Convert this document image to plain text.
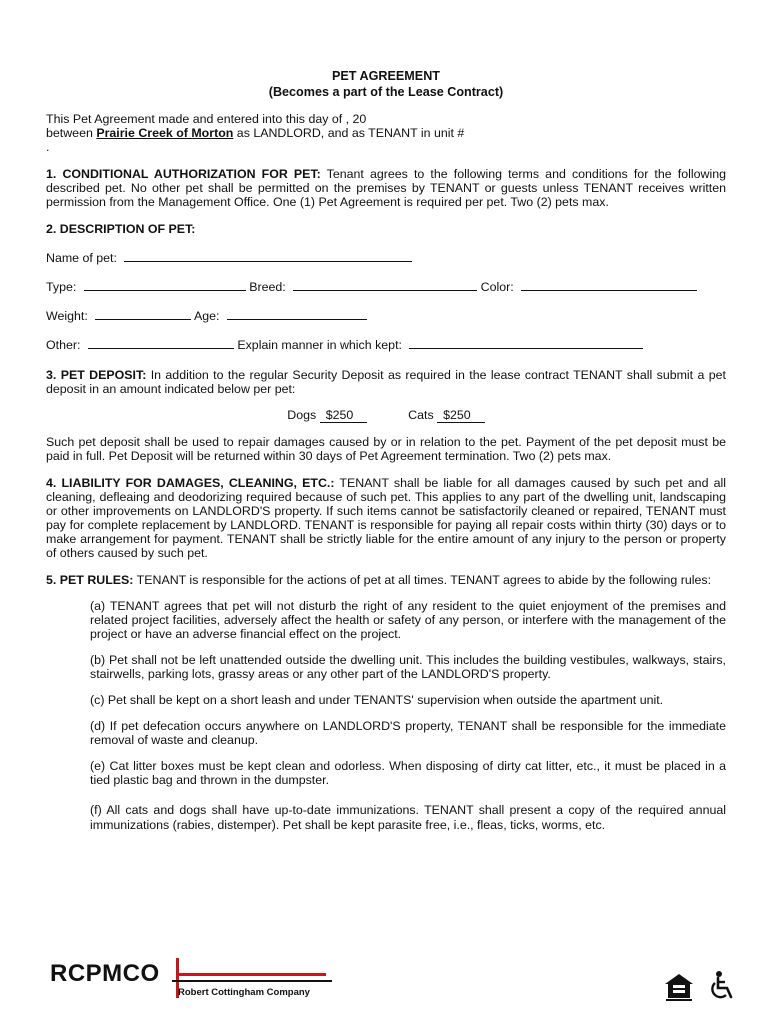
PET AGREEMENT
(Becomes a part of the Lease Contract)

This Pet Agreement made and entered into this day of , 20
between Prairie Creek of Morton as LANDLORD, and as TENANT in unit #
.

1. CONDITIONAL AUTHORIZATION FOR PET: Tenant agrees to the following terms and conditions for the following described pet. No other pet shall be permitted on the premises by TENANT or guests unless TENANT receives written permission from the Management Office. One (1) Pet Agreement is required per pet. Two (2) pets max.

2. DESCRIPTION OF PET:

Name of pet:
Type:	Breed:	Color:
Weight:	Age:
Other:	Explain manner in which kept:

3. PET DEPOSIT: In addition to the regular Security Deposit as required in the lease contract TENANT shall submit a pet deposit in an amount indicated below per pet:

Dogs $250	Cats $250

Such pet deposit shall be used to repair damages caused by or in relation to the pet. Payment of the pet deposit must be paid in full. Pet Deposit will be returned within 30 days of Pet Agreement termination. Two (2) pets max.

4. LIABILITY FOR DAMAGES, CLEANING, ETC.: TENANT shall be liable for all damages caused by such pet and all cleaning, defleaing and deodorizing required because of such pet. This applies to any part of the dwelling unit, landscaping or other improvements on LANDLORD'S property. If such items cannot be satisfactorily cleaned or repaired, TENANT must pay for complete replacement by LANDLORD. TENANT is responsible for paying all repair costs within thirty (30) days or to make arrangement for payment. TENANT shall be strictly liable for the entire amount of any injury to the person or property of others caused by such pet.

5. PET RULES: TENANT is responsible for the actions of pet at all times. TENANT agrees to abide by the following rules:

(a) TENANT agrees that pet will not disturb the right of any resident to the quiet enjoyment of the premises and related project facilities, adversely affect the health or safety of any person, or interfere with the management of the project or have an adverse financial effect on the project.

(b) Pet shall not be left unattended outside the dwelling unit. This includes the building vestibules, walkways, stairs, stairwells, parking lots, grassy areas or any other part of the LANDLORD'S property.

(c) Pet shall be kept on a short leash and under TENANTS' supervision when outside the apartment unit.

(d) If pet defecation occurs anywhere on LANDLORD'S property, TENANT shall be responsible for the immediate removal of waste and cleanup.

(e) Cat litter boxes must be kept clean and odorless. When disposing of dirty cat litter, etc., it must be placed in a tied plastic bag and thrown in the dumpster.

(f) All cats and dogs shall have up-to-date immunizations. TENANT shall present a copy of the required annual immunizations (rabies, distemper). Pet shall be kept parasite free, i.e., fleas, ticks, worms, etc.

RCPMCO
Robert Cottingham Company
